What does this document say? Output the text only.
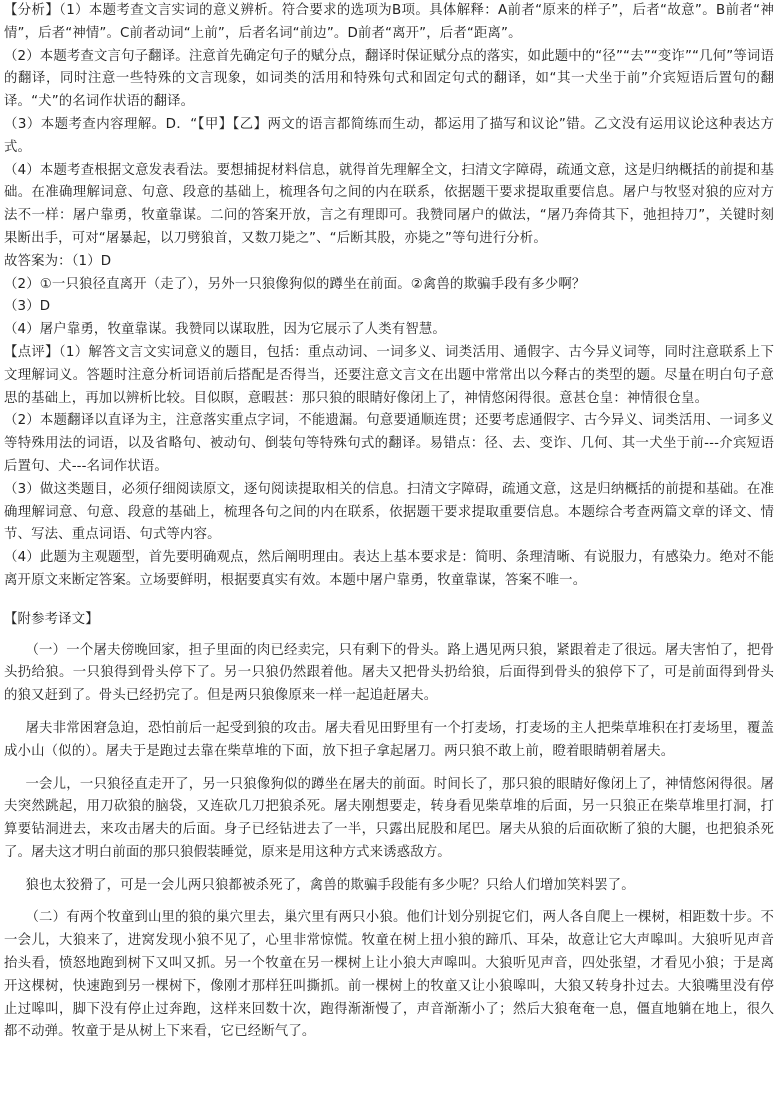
【分析】（1）本题考查文言实词的意义辨析。符合要求的选项为B项。具体解释：A前者“原来的样子”，后者“故意”。B前者“神情”，后者“神情”。C前者动词“上前”，后者名词“前边”。D前者“离开”，后者“距离”。

（2）本题考查文言句子翻译。注意首先确定句子的赋分点，翻译时保证赋分点的落实，如此题中的“径”“去”“变诈”“几何”等词语的翻译，同时注意一些特殊的文言现象，如词类的活用和特殊句式和固定句式的翻译，如“其一犬坐于前”介宾短语后置句的翻译。“犬”的名词作状语的翻译。

（3）本题考查内容理解。D．“【甲】【乙】两文的语言都简练而生动，都运用了描写和议论”错。乙文没有运用议论这种表达方式。

（4）本题考查根据文意发表看法。要想捕捉材料信息，就得首先理解全文，扫清文字障碍，疏通文意，这是归纳概括的前提和基础。在准确理解词意、句意、段意的基础上，梳理各句之间的内在联系，依据题干要求提取重要信息。屠户与牧竖对狼的应对方法不一样：屠户靠勇，牧童靠谋。二问的答案开放，言之有理即可。我赞同屠户的做法，“屠乃奔倚其下，弛担持刀”，关键时刻果断出手，可对“屠暴起，以刀劈狼首，又数刀毙之”、“后断其股，亦毙之”等句进行分析。

故答案为：（1）D

（2）①一只狼径直离开（走了），另外一只狼像狗似的蹲坐在前面。②禽兽的欺骗手段有多少啊？

（3）D

（4）屠户靠勇，牧童靠谋。我赞同以谋取胜，因为它展示了人类有智慧。

【点评】（1）解答文言文实词意义的题目，包括：重点动词、一词多义、词类活用、通假字、古今异义词等，同时注意联系上下文理解词义。答题时注意分析词语前后搭配是否得当，还要注意文言文在出题中常常出以今释古的类型的题。尽量在明白句子意思的基础上，再加以辨析比较。目似瞑，意暇甚：那只狼的眼睛好像闭上了，神情悠闲得很。意甚仓皇：神情很仓皇。

（2）本题翻译以直译为主，注意落实重点字词，不能遗漏。句意要通顺连贯；还要考虑通假字、古今异义、词类活用、一词多义等特殊用法的词语，以及省略句、被动句、倒装句等特殊句式的翻译。易错点：径、去、变诈、几何、其一犬坐于前---介宾短语后置句、犬---名词作状语。

（3）做这类题目，必须仔细阅读原文，逐句阅读提取相关的信息。扫清文字障碍，疏通文意，这是归纳概括的前提和基础。在准确理解词意、句意、段意的基础上，梳理各句之间的内在联系，依据题干要求提取重要信息。本题综合考查两篇文章的译文、情节、写法、重点词语、句式等内容。

（4）此题为主观题型，首先要明确观点，然后阐明理由。表达上基本要求是：简明、条理清晰、有说服力，有感染力。绝对不能离开原文来断定答案。立场要鲜明，根据要真实有效。本题中屠户靠勇，牧童靠谋，答案不唯一。

【附参考译文】

（一）一个屠夫傍晚回家，担子里面的肉已经卖完，只有剩下的骨头。路上遇见两只狼，紧跟着走了很远。屠夫害怕了，把骨头扔给狼。一只狼得到骨头停下了。另一只狼仍然跟着他。屠夫又把骨头扔给狼，后面得到骨头的狼停下了，可是前面得到骨头的狼又赶到了。骨头已经扔完了。但是两只狼像原来一样一起追赶屠夫。

屠夫非常困窘急迫，恐怕前后一起受到狼的攻击。屠夫看见田野里有一个打麦场，打麦场的主人把柴草堆积在打麦场里，覆盖成小山（似的）。屠夫于是跑过去靠在柴草堆的下面，放下担子拿起屠刀。两只狼不敢上前，瞪着眼睛朝着屠夫。

一会儿，一只狼径直走开了，另一只狼像狗似的蹲坐在屠夫的前面。时间长了，那只狼的眼睛好像闭上了，神情悠闲得很。屠夫突然跳起，用刀砍狼的脑袋，又连砍几刀把狼杀死。屠夫刚想要走，转身看见柴草堆的后面，另一只狼正在柴草堆里打洞，打算要钻洞进去，来攻击屠夫的后面。身子已经钻进去了一半，只露出屁股和尾巴。屠夫从狼的后面砍断了狼的大腿，也把狼杀死了。屠夫这才明白前面的那只狼假装睡觉，原来是用这种方式来诱惑敌方。

狼也太狡猾了，可是一会儿两只狼都被杀死了，禽兽的欺骗手段能有多少呢？只给人们增加笑料罢了。

（二）有两个牧童到山里的狼的巢穴里去，巢穴里有两只小狼。他们计划分别捉它们，两人各自爬上一棵树，相距数十步。不一会儿，大狼来了，进窝发现小狼不见了，心里非常惊慌。牧童在树上扭小狼的蹄爪、耳朵，故意让它大声嗥叫。大狼听见声音抬头看，愤怒地跑到树下又叫又抓。另一个牧童在另一棵树上让小狼大声嗥叫。大狼听见声音，四处张望，才看见小狼；于是离开这棵树，快速跑到另一棵树下，像刚才那样狂叫撕抓。前一棵树上的牧童又让小狼嗥叫，大狼又转身扑过去。大狼嘴里没有停止过嗥叫，脚下没有停止过奔跑，这样来回数十次，跑得渐渐慢了，声音渐渐小了；然后大狼奄奄一息，僵直地躺在地上，很久都不动弹。牧童于是从树上下来看，它已经断气了。
